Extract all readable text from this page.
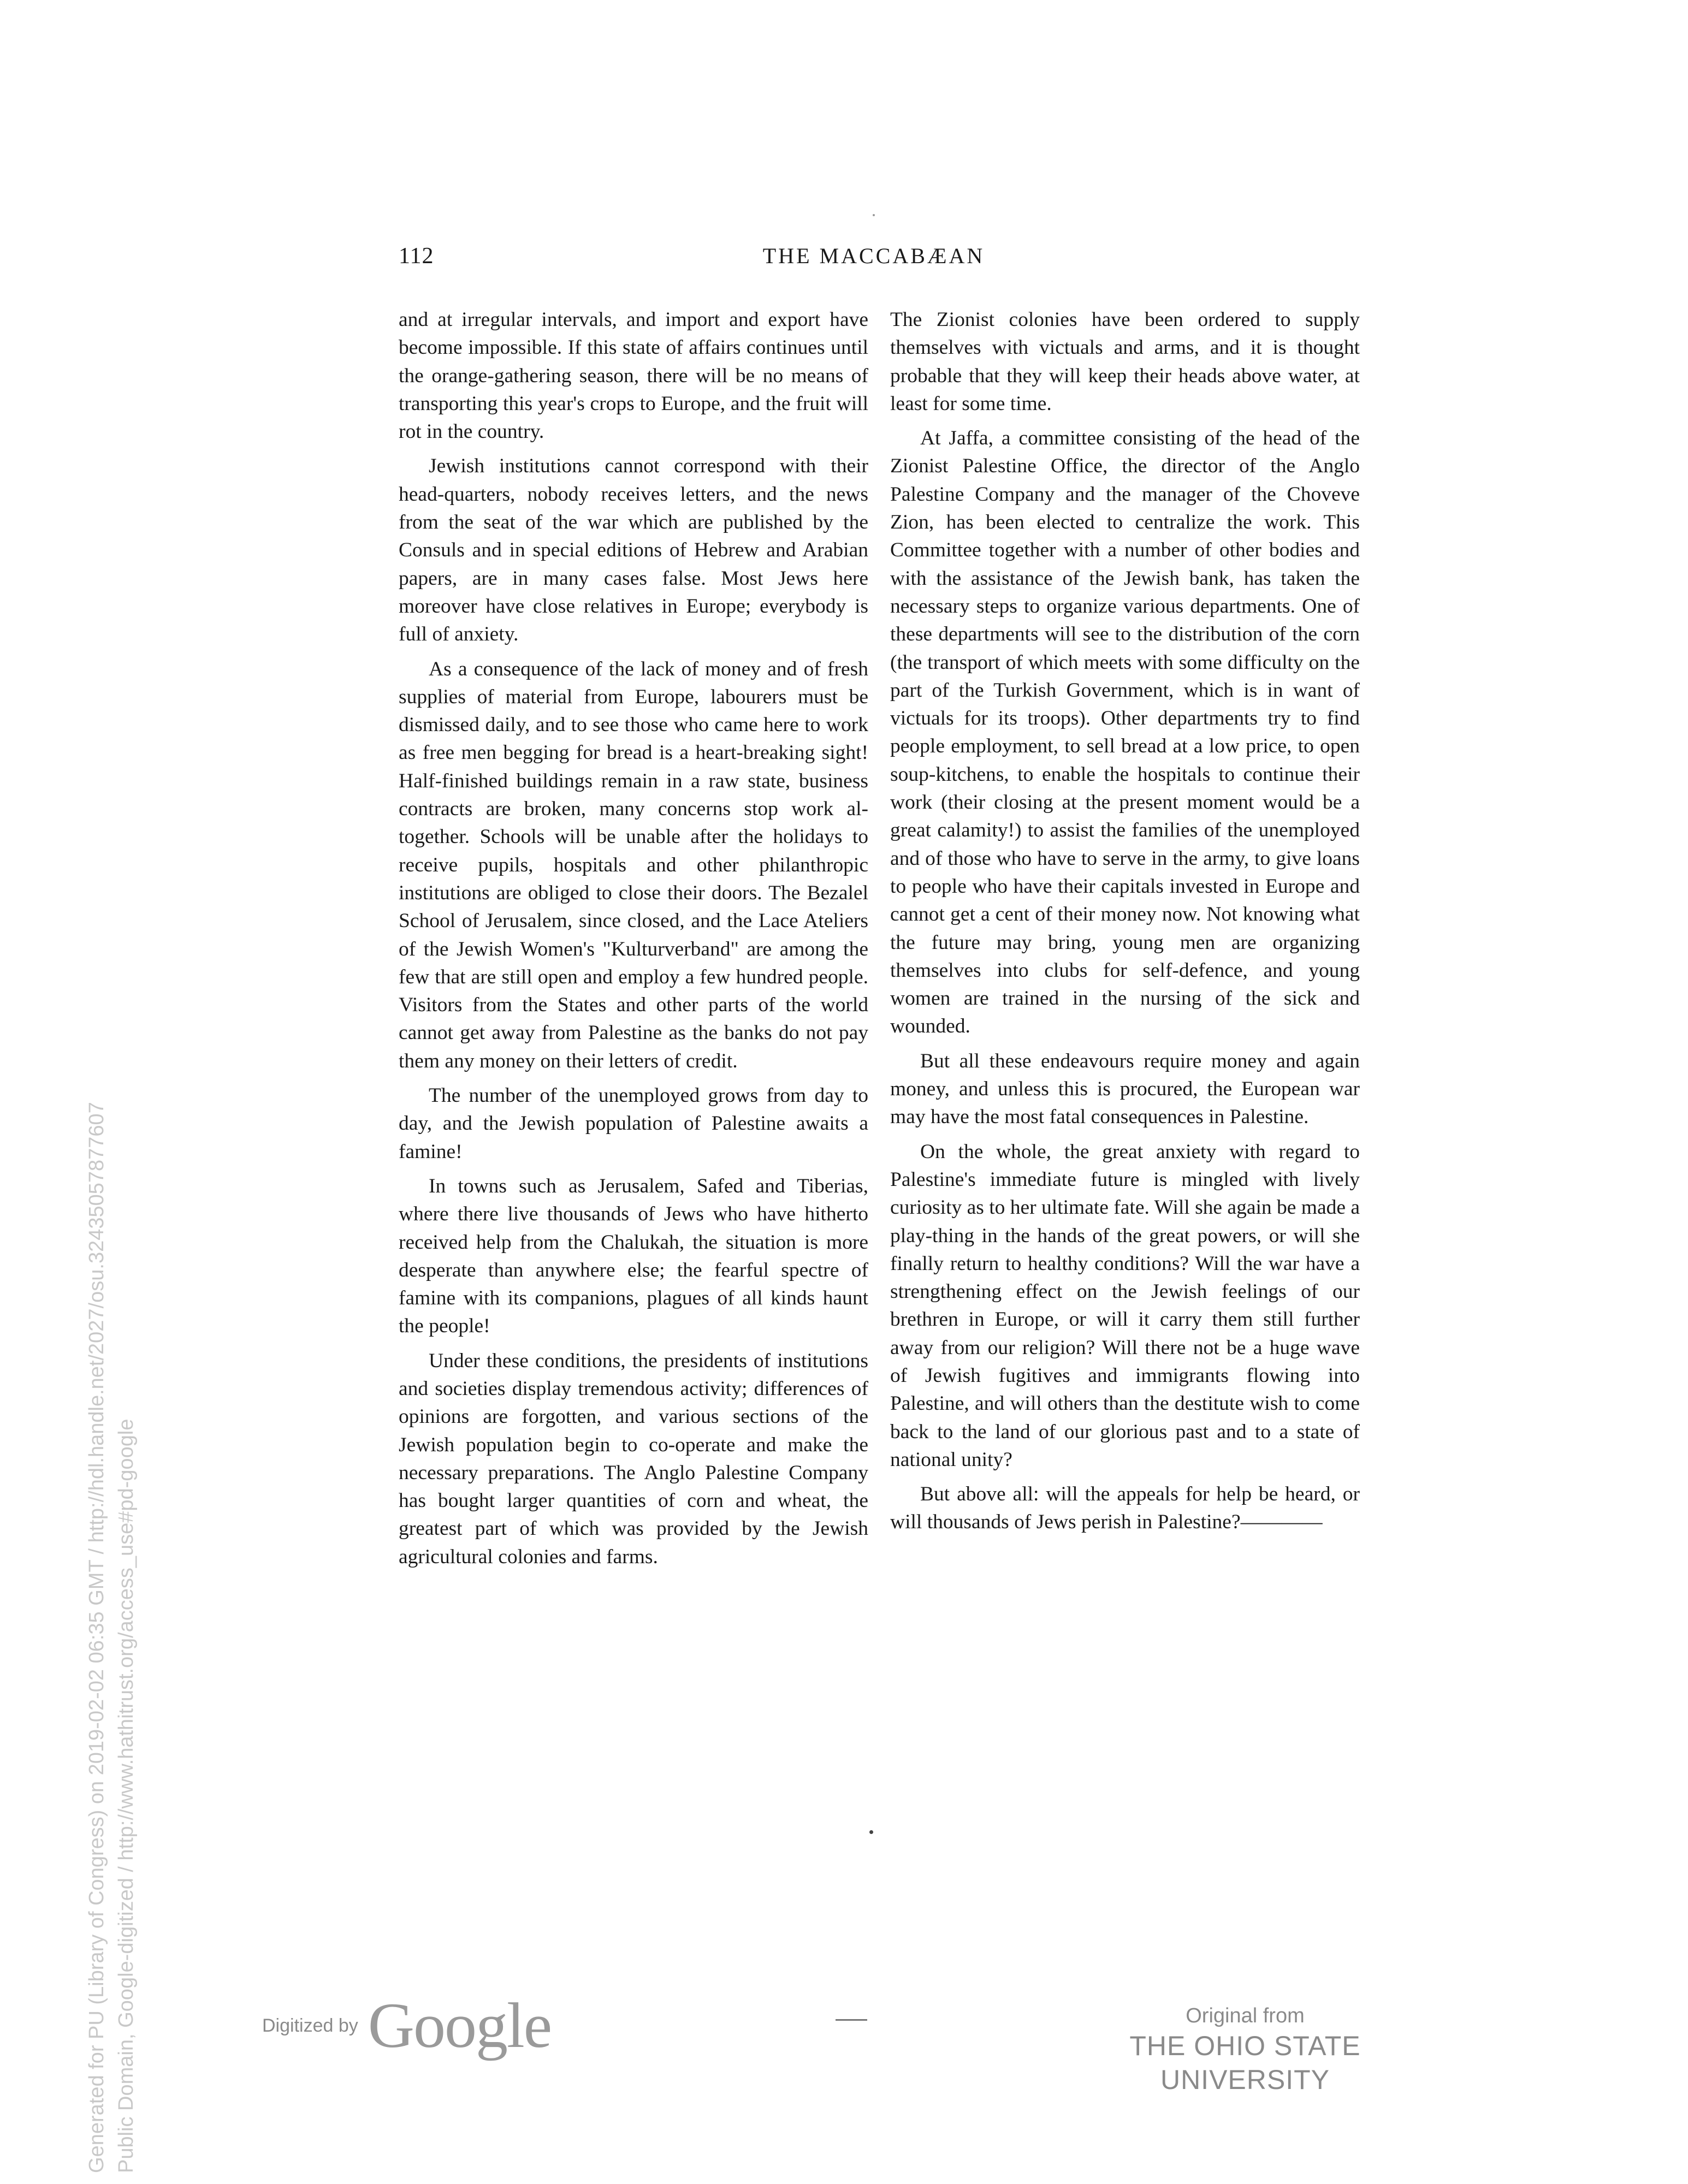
112	THE MACCABÆAN

and at irregular intervals, and import and export have become impossible. If this state of affairs continues until the orange-gathering season, there will be no means of transporting this year's crops to Europe, and the fruit will rot in the country.

Jewish institutions cannot correspond with their head-quarters, nobody receives letters, and the news from the seat of the war which are published by the Consuls and in special editions of Hebrew and Arabian papers, are in many cases false. Most Jews here moreover have close relatives in Europe; everybody is full of anxiety.

As a consequence of the lack of money and of fresh supplies of material from Europe, labourers must be dismissed daily, and to see those who came here to work as free men begging for bread is a heart-breaking sight! Half-finished buildings remain in a raw state, business contracts are broken, many concerns stop work altogether. Schools will be unable after the holidays to receive pupils, hospitals and other philanthropic institutions are obliged to close their doors. The Bezalel School of Jerusalem, since closed, and the Lace Ateliers of the Jewish Women's "Kulturverband" are among the few that are still open and employ a few hundred people. Visitors from the States and other parts of the world cannot get away from Palestine as the banks do not pay them any money on their letters of credit.

The number of the unemployed grows from day to day, and the Jewish population of Palestine awaits a famine!

In towns such as Jerusalem, Safed and Tiberias, where there live thousands of Jews who have hitherto received help from the Chalukah, the situation is more desperate than anywhere else; the fearful spectre of famine with its companions, plagues of all kinds haunt the people!

Under these conditions, the presidents of institutions and societies display tremendous activity; differences of opinions are forgotten, and various sections of the Jewish population begin to co-operate and make the necessary preparations. The Anglo Palestine Company has bought larger quantities of corn and wheat, the greatest part of which was provided by the Jewish agricultural colonies and farms.

The Zionist colonies have been ordered to supply themselves with victuals and arms, and it is thought probable that they will keep their heads above water, at least for some time.

At Jaffa, a committee consisting of the head of the Zionist Palestine Office, the director of the Anglo Palestine Company and the manager of the Choveve Zion, has been elected to centralize the work. This Committee together with a number of other bodies and with the assistance of the Jewish bank, has taken the necessary steps to organize various departments. One of these departments will see to the distribution of the corn (the transport of which meets with some difficulty on the part of the Turkish Government, which is in want of victuals for its troops). Other departments try to find people employment, to sell bread at a low price, to open soup-kitchens, to enable the hospitals to continue their work (their closing at the present moment would be a great calamity!) to assist the families of the unemployed and of those who have to serve in the army, to give loans to people who have their capitals invested in Europe and cannot get a cent of their money now. Not knowing what the future may bring, young men are organizing themselves into clubs for self-defence, and young women are trained in the nursing of the sick and wounded.

But all these endeavours require money and again money, and unless this is procured, the European war may have the most fatal consequences in Palestine.

On the whole, the great anxiety with regard to Palestine's immediate future is mingled with lively curiosity as to her ultimate fate. Will she again be made a play-thing in the hands of the great powers, or will she finally return to healthy conditions? Will the war have a strengthening effect on the Jewish feelings of our brethren in Europe, or will it carry them still further away from our religion? Will there not be a huge wave of Jewish fugitives and immigrants flowing into Palestine, and will others than the destitute wish to come back to the land of our glorious past and to a state of national unity?

But above all: will the appeals for help be heard, or will thousands of Jews perish in Palestine?————

Digitized by Google	Original from
THE OHIO STATE UNIVERSITY
Generated for PU (Library of Congress) on 2019-02-02 06:35 GMT / http://hdl.handle.net/2027/osu.32435057877607 Public Domain, Google-digitized / http://www.hathitrust.org/access_use#pd-google
